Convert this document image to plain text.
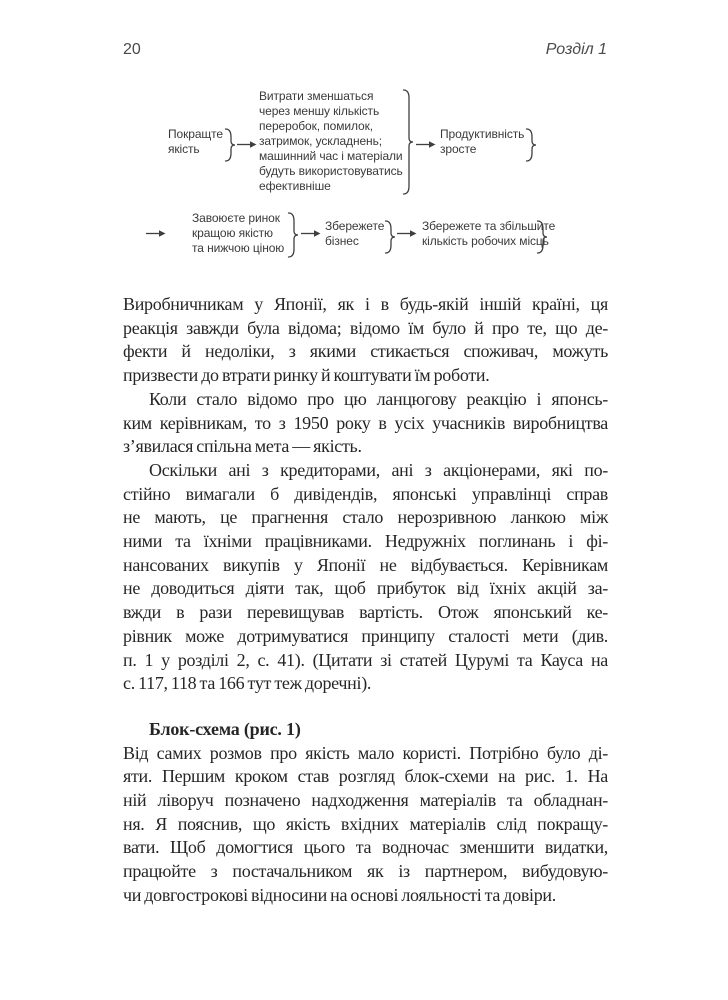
20	Розділ 1
Покращте
якість
Витрати зменшаться
через меншу кількість
переробок, помилок,
затримок, ускладнень;
машинний час і матеріали
будуть використовуватись
ефективніше
Продуктивність
зросте
Завоюєте ринок
кращою якістю
та нижчою ціною
Збережете
бізнес
Збережете та збільшите
кількість робочих місць
Виробничникам у Японії, як і в будь-якій іншій країні, ця
реакція завжди була відома; відомо їм було й про те, що де-
фекти й недоліки, з якими стикається споживач, можуть
призвести до втрати ринку й коштувати їм роботи.
Коли стало відомо про цю ланцюгову реакцію і японсь-
ким керівникам, то з 1950 року в усіх учасників виробництва
з’явилася спільна мета — якість.
Оскільки ані з кредиторами, ані з акціонерами, які по-
стійно вимагали б дивідендів, японські управлінці справ
не мають, це прагнення стало нерозривною ланкою між
ними та їхніми працівниками. Недружніх поглинань і фі-
нансованих викупів у Японії не відбувається. Керівникам
не доводиться діяти так, щоб прибуток від їхніх акцій за-
вжди в рази перевищував вартість. Отож японський ке-
рівник може дотримуватися принципу сталості мети (див.
п. 1 у розділі 2, с. 41). (Цитати зі статей Цурумі та Кауса на
с. 117, 118 та 166 тут теж доречні).
Блок-схема (рис. 1)
Від самих розмов про якість мало користі. Потрібно було ді-
яти. Першим кроком став розгляд блок-схеми на рис. 1. На
ній ліворуч позначено надходження матеріалів та обладнан-
ня. Я пояснив, що якість вхідних матеріалів слід покращу-
вати. Щоб домогтися цього та водночас зменшити видатки,
працюйте з постачальником як із партнером, вибудовую-
чи довгострокові відносини на основі лояльності та довіри.
